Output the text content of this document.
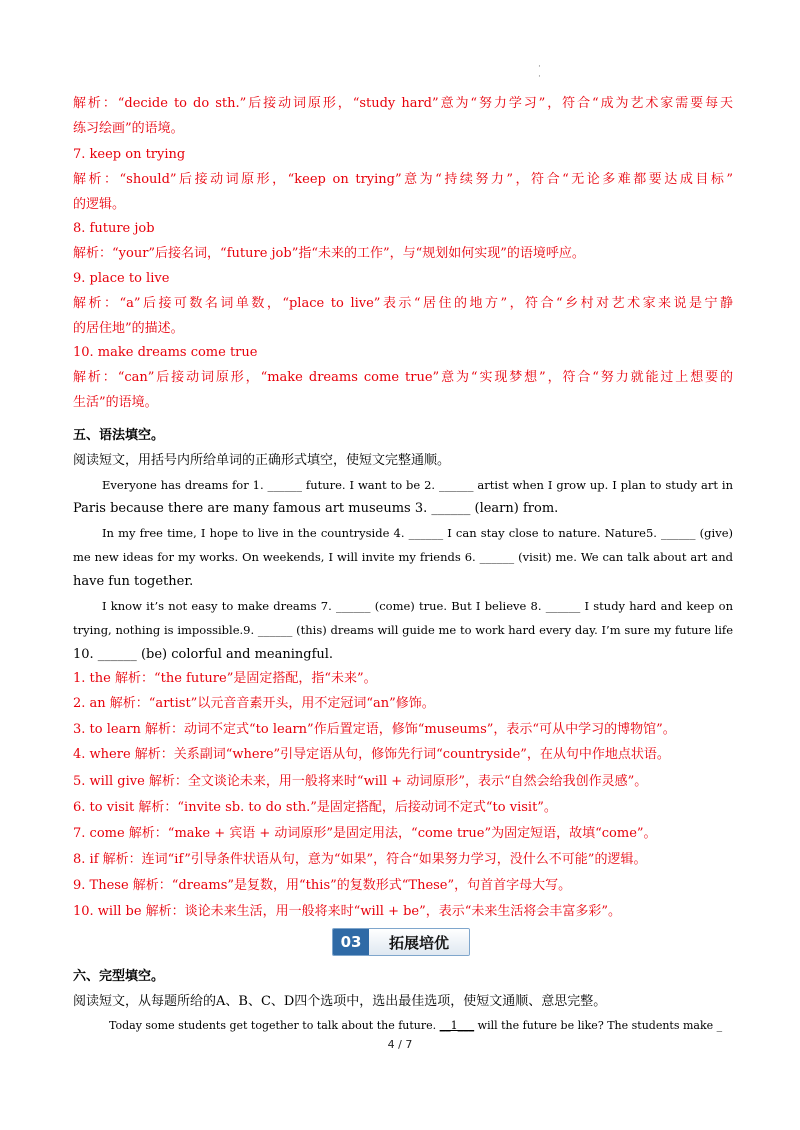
·
·
解析：“decide to do sth.”后接动词原形，“study hard”意为“努力学习”，符合“成为艺术家需要每天
练习绘画”的语境。
7. keep on trying
解析：“should”后接动词原形，“keep on trying”意为“持续努力”，符合“无论多难都要达成目标”
的逻辑。
8. future job
解析：“your”后接名词，“future job”指“未来的工作”，与“规划如何实现”的语境呼应。
9. place to live
解析：“a”后接可数名词单数，“place to live”表示“居住的地方”，符合“乡村对艺术家来说是宁静
的居住地”的描述。
10. make dreams come true
解析：“can”后接动词原形，“make dreams come true”意为“实现梦想”，符合“努力就能过上想要的
生活”的语境。
五、语法填空。
阅读短文，用括号内所给单词的正确形式填空，使短文完整通顺。
Everyone has dreams for 1. ______ future. I want to be 2. ______ artist when I grow up. I plan to study art in
Paris because there are many famous art museums 3. ______ (learn) from.
In my free time, I hope to live in the countryside 4. ______ I can stay close to nature. Nature5. ______ (give)
me new ideas for my works. On weekends, I will invite my friends 6. ______ (visit) me. We can talk about art and
have fun together.
I know it’s not easy to make dreams 7. ______ (come) true. But I believe 8. ______ I study hard and keep on
trying, nothing is impossible.9. ______ (this) dreams will guide me to work hard every day. I’m sure my future life
10. ______ (be) colorful and meaningful.
1. the 解析：“the future”是固定搭配，指“未来”。
2. an 解析：“artist”以元音音素开头，用不定冠词“an”修饰。
3. to learn 解析：动词不定式“to learn”作后置定语，修饰“museums”，表示“可从中学习的博物馆”。
4. where 解析：关系副词“where”引导定语从句，修饰先行词“countryside”，在从句中作地点状语。
5. will give 解析：全文谈论未来，用一般将来时“will + 动词原形”，表示“自然会给我创作灵感”。
6. to visit 解析：“invite sb. to do sth.”是固定搭配，后接动词不定式“to visit”。
7. come 解析：“make + 宾语 + 动词原形”是固定用法，“come true”为固定短语，故填“come”。
8. if 解析：连词“if”引导条件状语从句，意为“如果”，符合“如果努力学习，没什么不可能”的逻辑。
9. These 解析：“dreams”是复数，用“this”的复数形式“These”，句首首字母大写。
10. will be 解析：谈论未来生活，用一般将来时“will + be”，表示“未来生活将会丰富多彩”。
03	拓展培优
六、完型填空。
阅读短文，从每题所给的A、B、C、D四个选项中，选出最佳选项，使短文通顺、意思完整。
Today some students get together to talk about the future. __1___ will the future be like? The students make _
4 / 7
